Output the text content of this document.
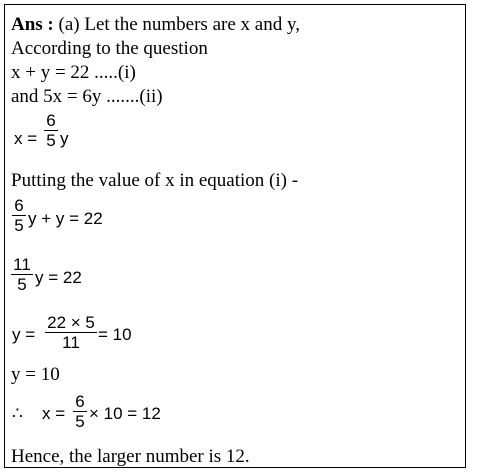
Ans : (a) Let the numbers are x and y,
According to the question
x + y = 22 .....(i)
and 5x = 6y .......(ii)
x =
6
5 y
Putting the value of x in equation (i) -
6
5 y + y = 22
11
5 y = 22
y =
22 × 5
11	= 10
y = 10
∴ x =
6
5 × 10 = 12
Hence, the larger number is 12.
